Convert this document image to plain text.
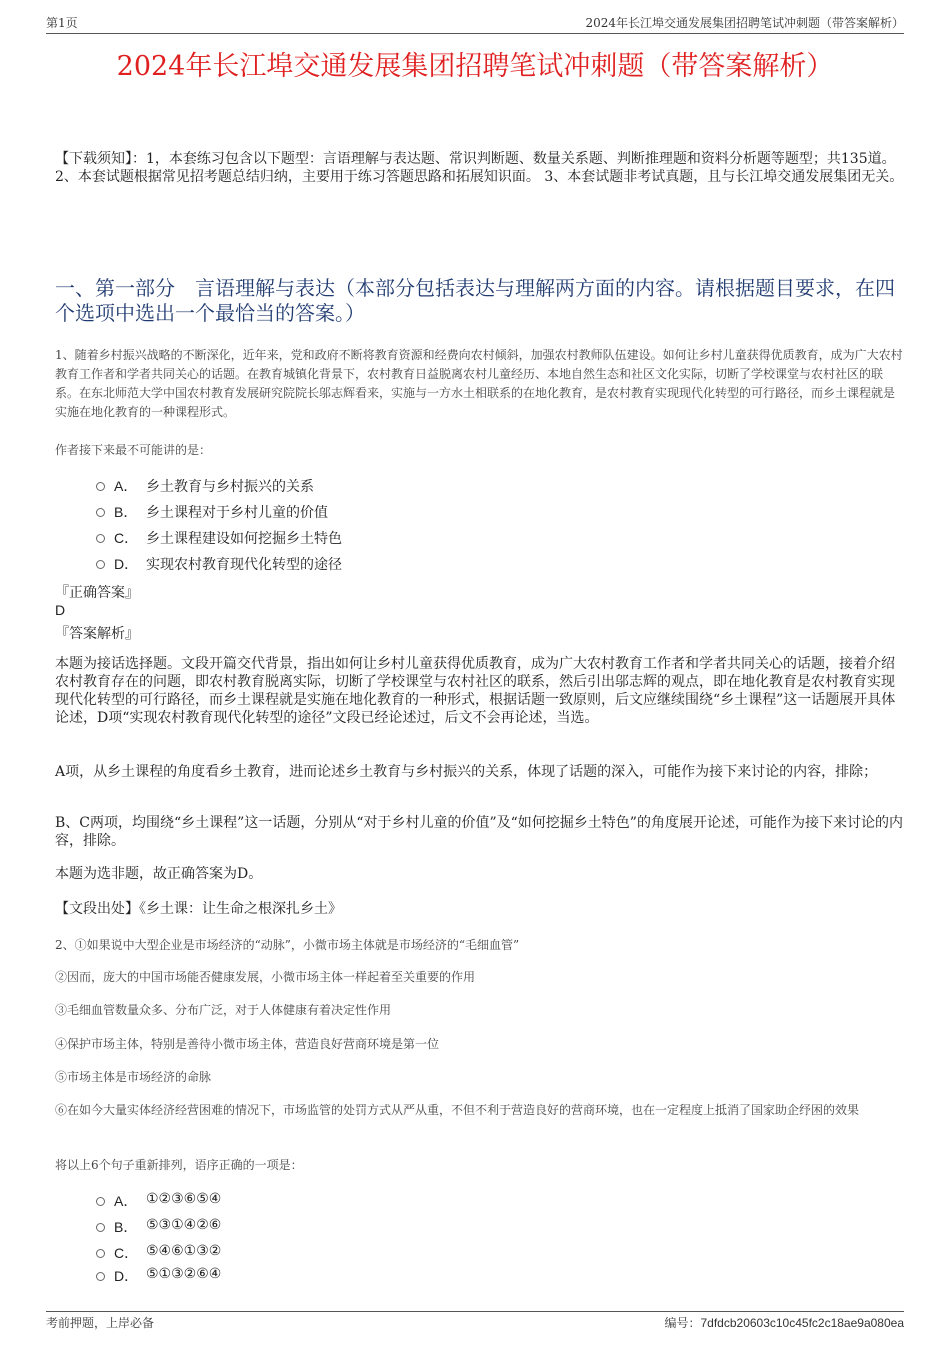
第1页	2024年长江埠交通发展集团招聘笔试冲刺题（带答案解析）
2024年长江埠交通发展集团招聘笔试冲刺题（带答案解析）
【下载须知】：1，本套练习包含以下题型：言语理解与表达题、常识判断题、数量关系题、判断推理题和资料分析题等题型；共135道。 2、本套试题根据常见招考题总结归纳，主要用于练习答题思路和拓展知识面。 3、本套试题非考试真题，且与长江埠交通发展集团无关。
一、第一部分　言语理解与表达（本部分包括表达与理解两方面的内容。请根据题目要求，在四个选项中选出一个最恰当的答案。）
1、随着乡村振兴战略的不断深化，近年来，党和政府不断将教育资源和经费向农村倾斜，加强农村教师队伍建设。如何让乡村儿童获得优质教育，成为广大农村教育工作者和学者共同关心的话题。在教育城镇化背景下，农村教育日益脱离农村儿童经历、本地自然生态和社区文化实际，切断了学校课堂与农村社区的联系。在东北师范大学中国农村教育发展研究院院长邬志辉看来，实施与一方水土相联系的在地化教育，是农村教育实现现代化转型的可行路径，而乡土课程就是实施在地化教育的一种课程形式。
作者接下来最不可能讲的是：
A． 乡土教育与乡村振兴的关系
B． 乡土课程对于乡村儿童的价值
C． 乡土课程建设如何挖掘乡土特色
D． 实现农村教育现代化转型的途径
『正确答案』
D
『答案解析』
本题为接话选择题。文段开篇交代背景，指出如何让乡村儿童获得优质教育，成为广大农村教育工作者和学者共同关心的话题，接着介绍农村教育存在的问题，即农村教育脱离实际，切断了学校课堂与农村社区的联系，然后引出邬志辉的观点，即在地化教育是农村教育实现现代化转型的可行路径，而乡土课程就是实施在地化教育的一种形式，根据话题一致原则，后文应继续围绕“乡土课程”这一话题展开具体论述，D项“实现农村教育现代化转型的途径”文段已经论述过，后文不会再论述，当选。
A项，从乡土课程的角度看乡土教育，进而论述乡土教育与乡村振兴的关系，体现了话题的深入，可能作为接下来讨论的内容，排除；
B、C两项，均围绕“乡土课程”这一话题，分别从“对于乡村儿童的价值”及“如何挖掘乡土特色”的角度展开论述，可能作为接下来讨论的内容，排除。
本题为选非题，故正确答案为D。
【文段出处】《乡土课：让生命之根深扎乡土》
2、①如果说中大型企业是市场经济的“动脉”，小微市场主体就是市场经济的“毛细血管”
②因而，庞大的中国市场能否健康发展，小微市场主体一样起着至关重要的作用
③毛细血管数量众多、分布广泛，对于人体健康有着决定性作用
④保护市场主体，特别是善待小微市场主体，营造良好营商环境是第一位
⑤市场主体是市场经济的命脉
⑥在如今大量实体经济经营困难的情况下，市场监管的处罚方式从严从重，不但不利于营造良好的营商环境，也在一定程度上抵消了国家助企纾困的效果
将以上6个句子重新排列，语序正确的一项是：
A． ①②③⑥⑤④
B． ⑤③①④②⑥
C． ⑤④⑥①③②
D． ⑤①③②⑥④
考前押题，上岸必备	编号：7dfdcb20603c10c45fc2c18ae9a080ea
